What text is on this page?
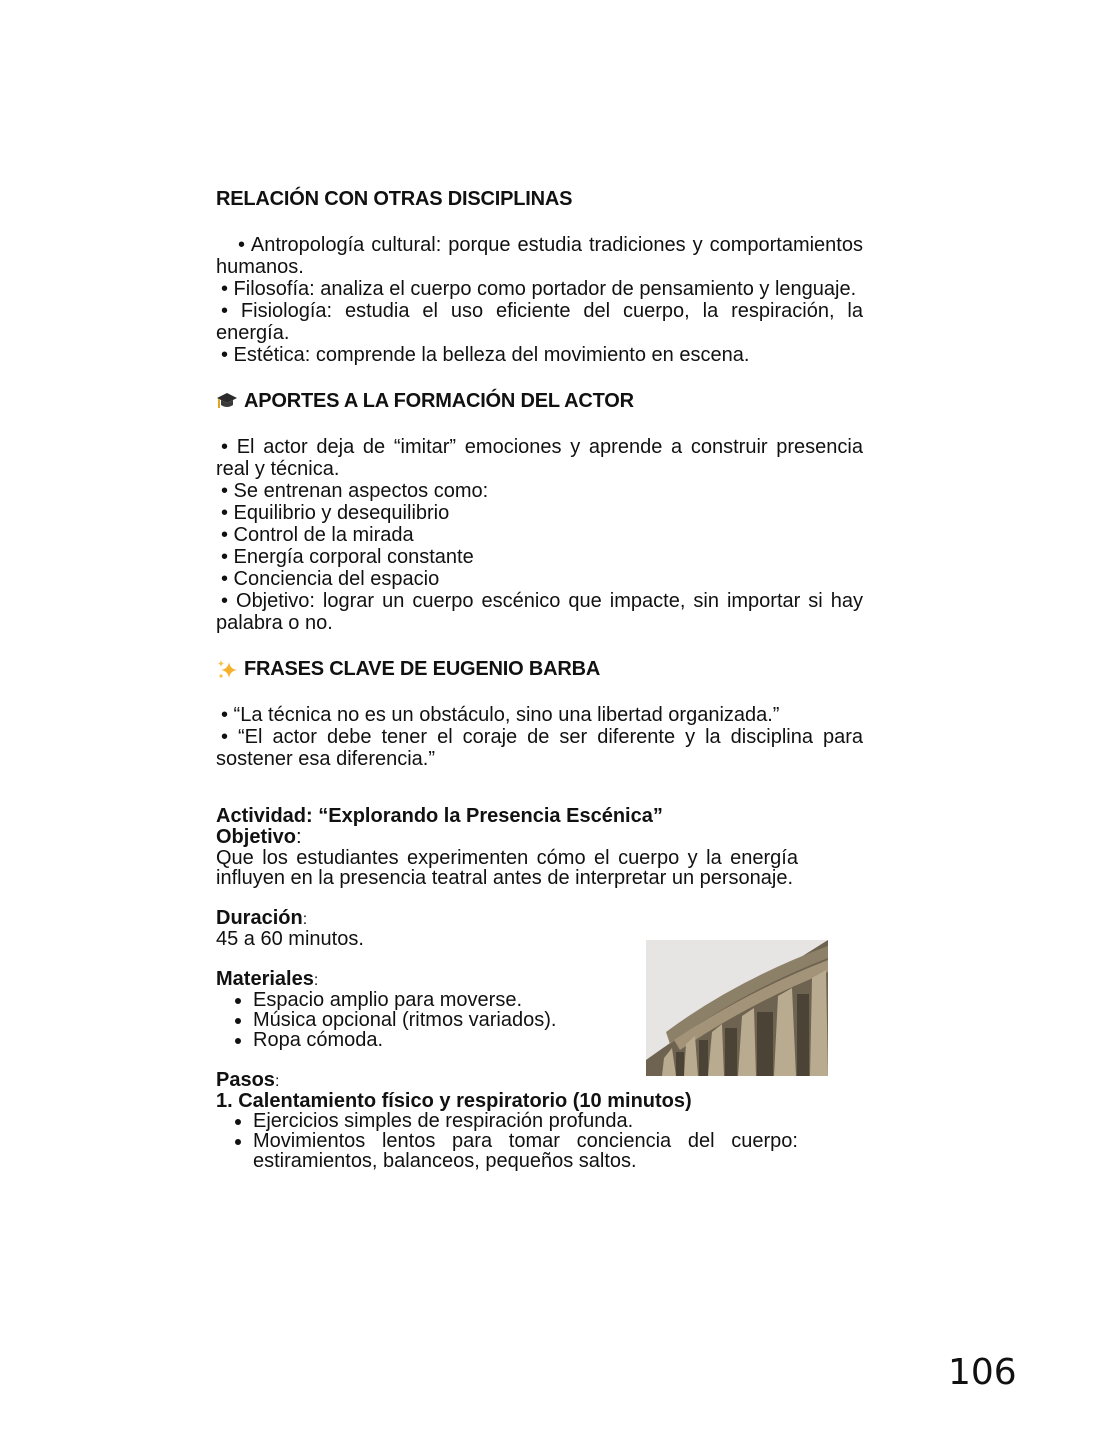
RELACIÓN CON OTRAS DISCIPLINAS

• Antropología cultural: porque estudia tradiciones y comportamientos humanos.

• Filosofía: analiza el cuerpo como portador de pensamiento y lenguaje.

• Fisiología: estudia el uso eficiente del cuerpo, la respiración, la energía.

• Estética: comprende la belleza del movimiento en escena.

APORTES A LA FORMACIÓN DEL ACTOR

• El actor deja de “imitar” emociones y aprende a construir presencia real y técnica.

• Se entrenan aspectos como:

• Equilibrio y desequilibrio

• Control de la mirada

• Energía corporal constante

• Conciencia del espacio

• Objetivo: lograr un cuerpo escénico que impacte, sin importar si hay palabra o no.

FRASES CLAVE DE EUGENIO BARBA

• “La técnica no es un obstáculo, sino una libertad organizada.”

• “El actor debe tener el coraje de ser diferente y la disciplina para sostener esa diferencia.”

Actividad: “Explorando la Presencia Escénica”
Objetivo:

Que los estudiantes experimenten cómo el cuerpo y la energía influyen en la presencia teatral antes de interpretar un personaje.

Duración:

45 a 60 minutos.

Materiales:
• Espacio amplio para moverse.
• Música opcional (ritmos variados).
• Ropa cómoda.
Pasos:
1. Calentamiento físico y respiratorio (10 minutos)
• Ejercicios simples de respiración profunda.
• Movimientos lentos para tomar conciencia del cuerpo: estiramientos, balanceos, pequeños saltos.
106
